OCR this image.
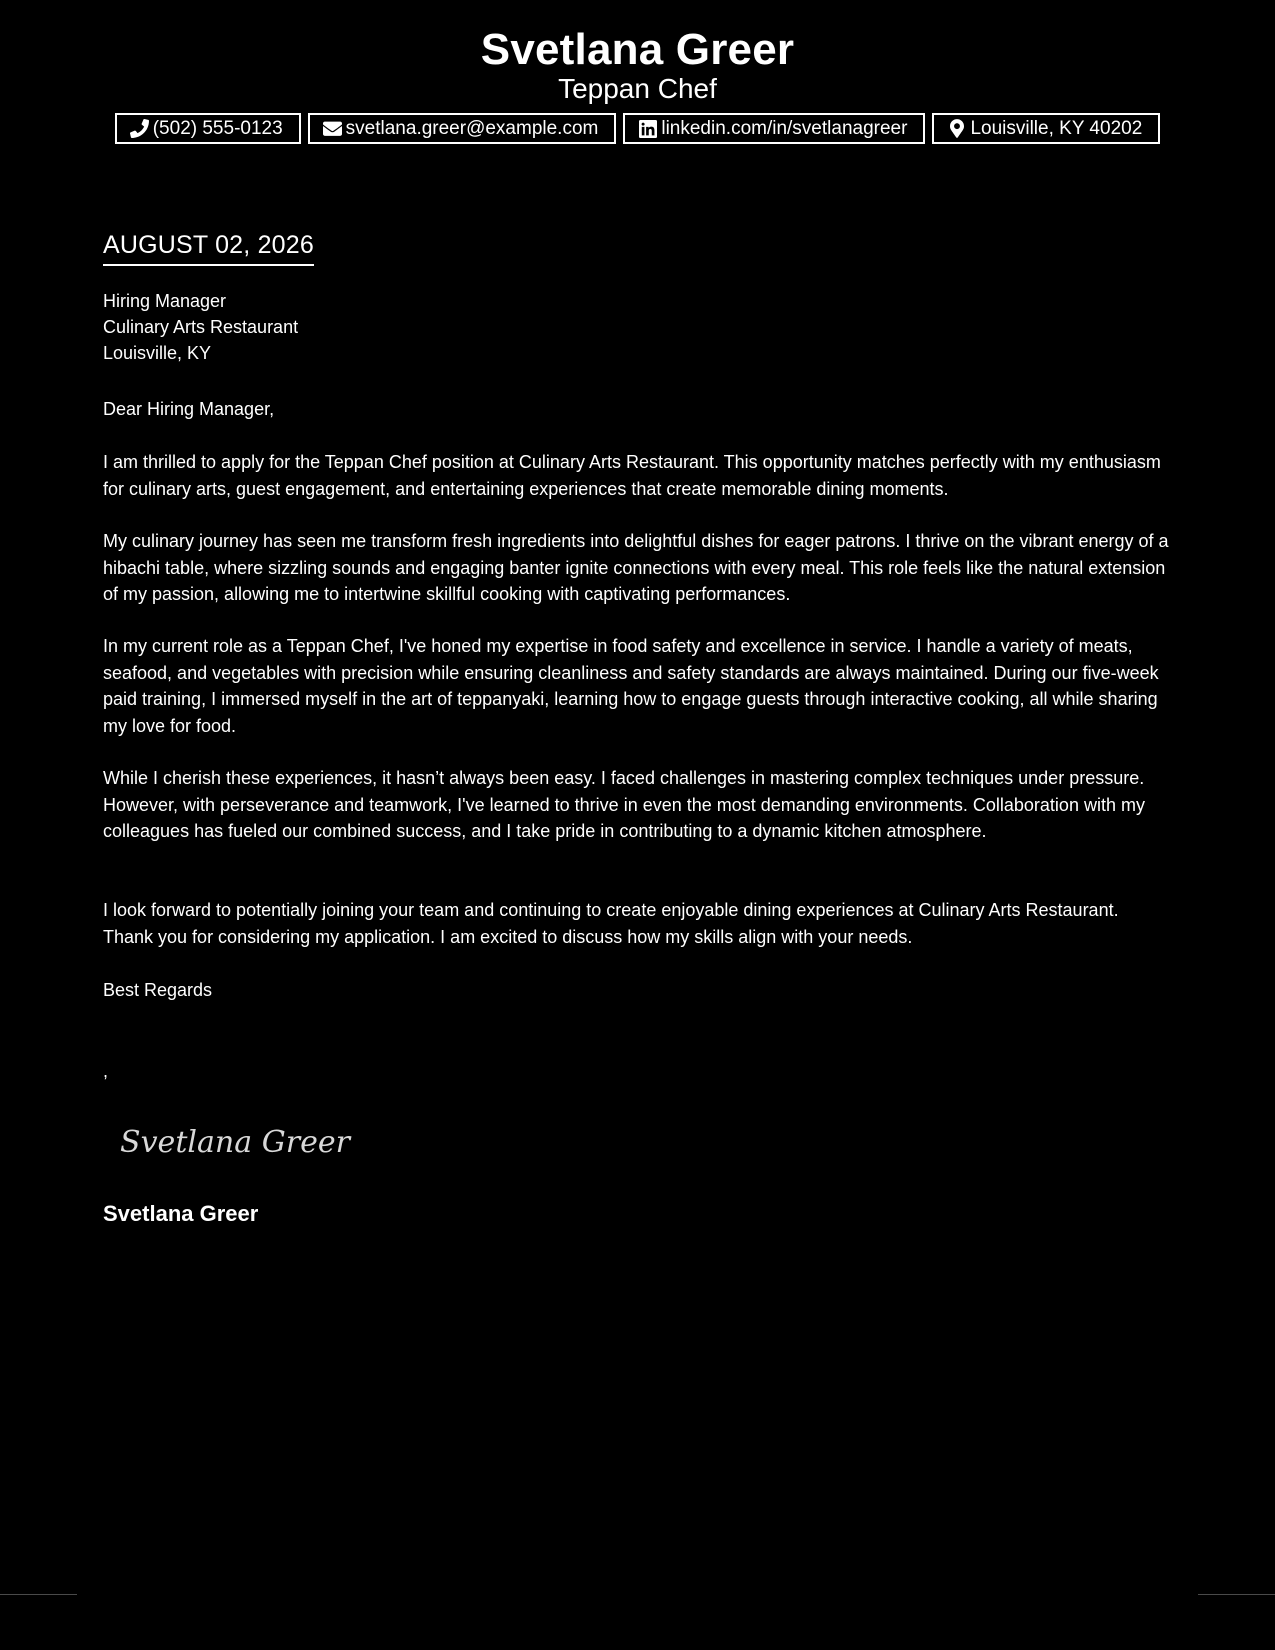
Svetlana Greer
Teppan Chef
(502) 555-0123	svetlana.greer@example.com	linkedin.com/in/svetlanagreer	Louisville, KY 40202
AUGUST 02, 2026
Hiring Manager
Culinary Arts Restaurant
Louisville, KY
Dear Hiring Manager,

I am thrilled to apply for the Teppan Chef position at Culinary Arts Restaurant. This opportunity matches perfectly with my enthusiasm for culinary arts, guest engagement, and entertaining experiences that create memorable dining moments.

My culinary journey has seen me transform fresh ingredients into delightful dishes for eager patrons. I thrive on the vibrant energy of a hibachi table, where sizzling sounds and engaging banter ignite connections with every meal. This role feels like the natural extension of my passion, allowing me to intertwine skillful cooking with captivating performances.

In my current role as a Teppan Chef, I've honed my expertise in food safety and excellence in service. I handle a variety of meats, seafood, and vegetables with precision while ensuring cleanliness and safety standards are always maintained. During our five-week paid training, I immersed myself in the art of teppanyaki, learning how to engage guests through interactive cooking, all while sharing my love for food.

While I cherish these experiences, it hasn’t always been easy. I faced challenges in mastering complex techniques under pressure. However, with perseverance and teamwork, I've learned to thrive in even the most demanding environments. Collaboration with my colleagues has fueled our combined success, and I take pride in contributing to a dynamic kitchen atmosphere.

I look forward to potentially joining your team and continuing to create enjoyable dining experiences at Culinary Arts Restaurant. Thank you for considering my application. I am excited to discuss how my skills align with your needs.

Best Regards
,
Svetlana Greer
Svetlana Greer
